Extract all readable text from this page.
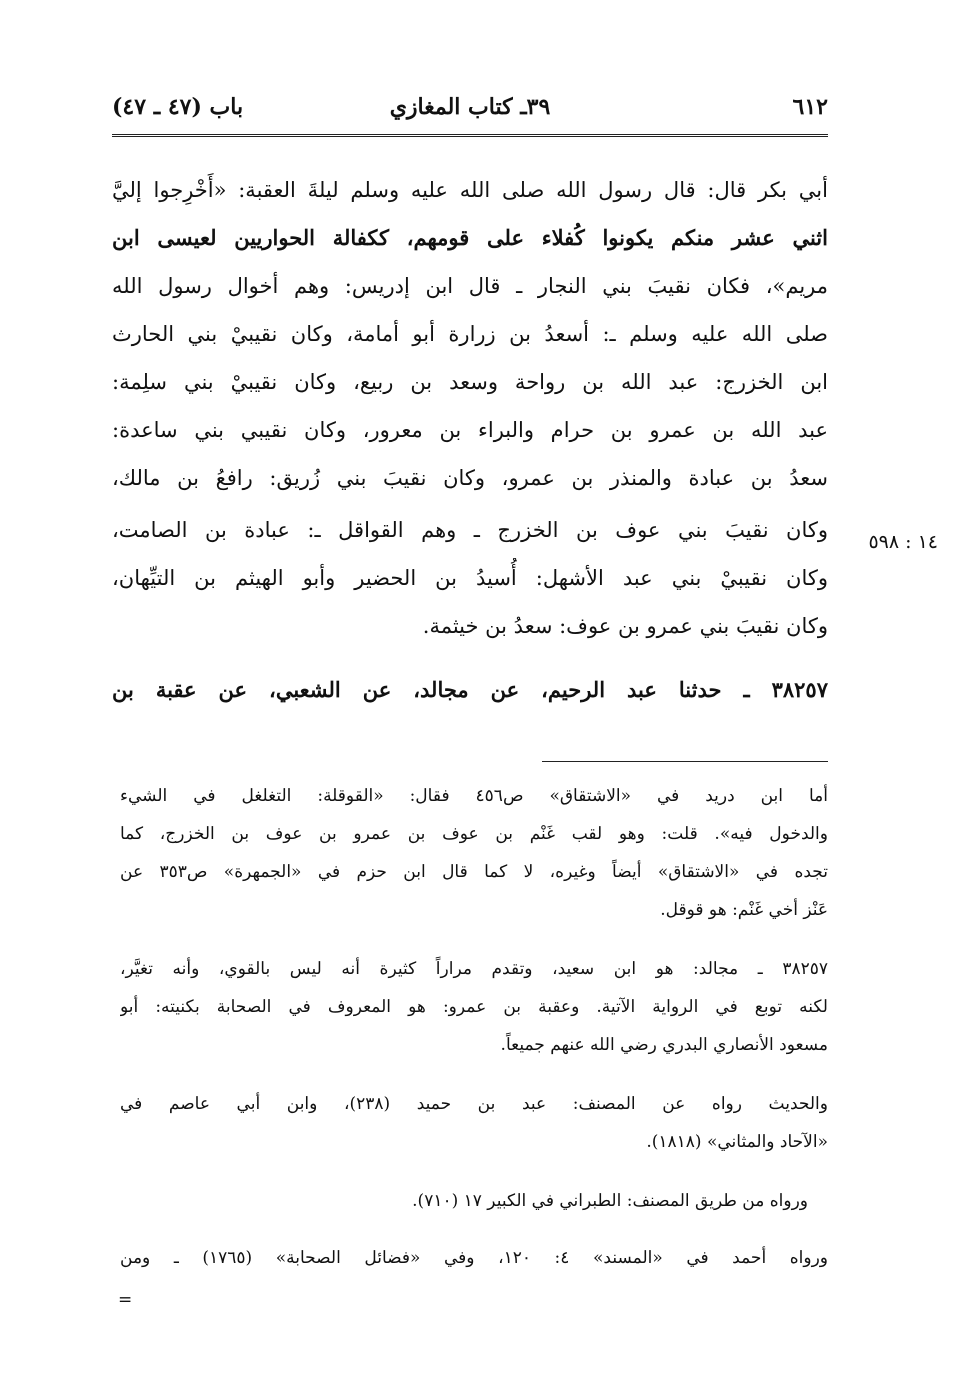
٦١٢
٣٩ـ كتاب المغازي
باب (٤٧ ـ ٤٧)
أبي بكر قال: قال رسول الله صلى الله عليه وسلم ليلةَ العقبة: «أَخْرِجوا إليَّ
اثني عشر منكم يكونوا كُفلاء على قومهم، ككفالة الحواريين لعيسى ابن
مريم»، فكان نقيبَ بني النجار ـ قال ابن إدريس: وهم أخوال رسول الله
صلى الله عليه وسلم ـ: أسعدُ بن زرارة أبو أمامة، وكان نقيبيْ بني الحارث
ابن الخزرج: عبد الله بن رواحة وسعد بن ربيع، وكان نقيبيْ بني سلِمة:
عبد الله بن عمرو بن حرام والبراء بن معرور، وكان نقيبي بني ساعدة:
سعدُ بن عبادة والمنذر بن عمرو، وكان نقيبَ بني زُريق: رافعُ بن مالك،
وكان نقيبَ بني عوف بن الخزرج ـ وهم القواقل ـ: عبادة بن الصامت،	١٤ : ٥٩٨
وكان نقيبيْ بني عبد الأشهل: أُسيدُ بن الحضير وأبو الهيثم بن التيِّهان،
وكان نقيبَ بني عمرو بن عوف: سعدُ بن خيثمة.
٣٨٢٥٧ ـ حدثنا عبد الرحيم، عن مجالد، عن الشعبي، عن عقبة بن
أما ابن دريد في «الاشتقاق» ص٤٥٦ فقال: «القوقلة: التغلغل في الشيء
والدخول فيه». قلت: وهو لقب غَنْم بن عوف بن عمرو بن عوف بن الخزرج، كما
تجده في «الاشتقاق» أيضاً وغيره، لا كما قال ابن حزم في «الجمهرة» ص٣٥٣ عن
عَنْز أخي غَنْم: هو قوقل.
٣٨٢٥٧ ـ مجالد: هو ابن سعيد، وتقدم مراراً كثيرة أنه ليس بالقوي، وأنه تغيَّر،
لكنه توبع في الرواية الآتية. وعقبة بن عمرو: هو المعروف في الصحابة بكنيته: أبو
مسعود الأنصاري البدري رضي الله عنهم جميعاً.
والحديث رواه عن المصنف: عبد بن حميد (٢٣٨)، وابن أبي عاصم في
«الآحاد والمثاني» (١٨١٨).
ورواه من طريق المصنف: الطبراني في الكبير ١٧ (٧١٠).
ورواه أحمد في «المسند» ٤: ١٢٠، وفي «فضائل الصحابة» (١٧٦٥) ـ ومن
=
